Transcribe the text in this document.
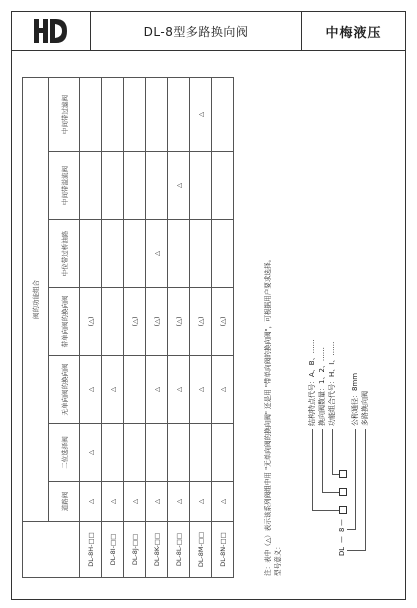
DL-8型多路换向阀	中梅液压
	阀的功能组合						
	道路阀	二位选择阀	无单向阀的换向阀	带单向阀的换向阀	中位带过桥油路	中间带溢流阀	中间带过滤阀
DL-8H-□□	△	△	△	(△)			
DL-8I-□□	△		△				
DL-8J-□□	△			(△)			
DL-8K-□□	△		△	(△)	△		
DL-8L-□□	△		△	(△)		△	
DL-8M-□□	△		△	(△)			△
DL-8N-□□	△		△	(△)				注：表中（△）表示该系列阀组中用 "无单向阀的换向阀" 还是用 "带单向阀的换向阀"，可根据用户要求选择。 型号意义：	DL
—
8
—
结构特点代号：A、B、…… 换向阀数量：1、2、…… 功能组合代号：H、I、…… 公称通径：8mm 多路换向阀
